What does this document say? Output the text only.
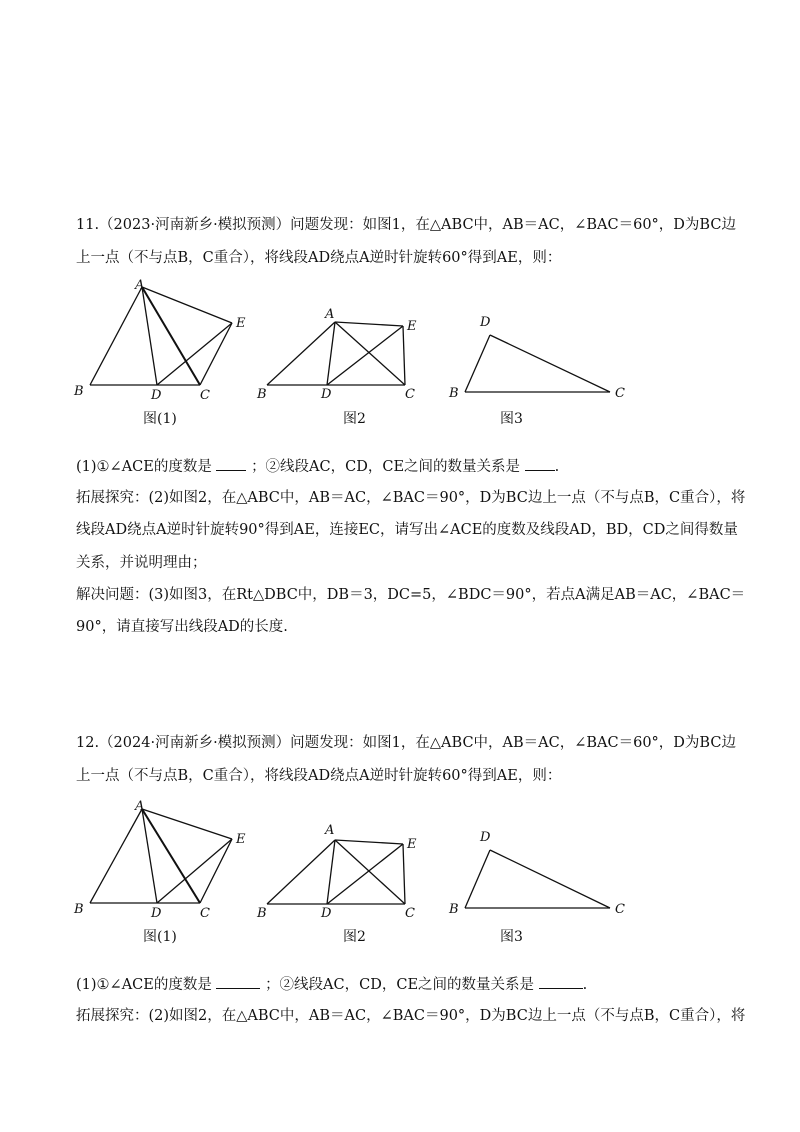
11.（2023·河南新乡·模拟预测）问题发现：如图1，在△ABC中，AB＝AC，∠BAC＝60°，D为BC边
上一点（不与点B，C重合），将线段AD绕点A逆时针旋转60°得到AE，则：
A
B	D	C
E
图(1)
A
B	D	C
E
图2
D
B	C
图3
(1)①∠ACE的度数是	；②线段AC，CD，CE之间的数量关系是 .
拓展探究：(2)如图2，在△ABC中，AB＝AC，∠BAC＝90°，D为BC边上一点（不与点B，C重合），将
线段AD绕点A逆时针旋转90°得到AE，连接EC，请写出∠ACE的度数及线段AD，BD，CD之间得数量
关系，并说明理由；
解决问题：(3)如图3，在Rt△DBC中，DB＝3，DC=5，∠BDC＝90°，若点A满足AB＝AC，∠BAC＝
90°，请直接写出线段AD的长度.
12.（2024·河南新乡·模拟预测）问题发现：如图1，在△ABC中，AB＝AC，∠BAC＝60°，D为BC边
上一点（不与点B，C重合），将线段AD绕点A逆时针旋转60°得到AE，则：
A
B	D	C
E
图(1)
A
B	D	C
E
图2
D
B	C
图3
(1)①∠ACE的度数是	；②线段AC，CD，CE之间的数量关系是	.
拓展探究：(2)如图2，在△ABC中，AB＝AC，∠BAC＝90°，D为BC边上一点（不与点B，C重合），将
